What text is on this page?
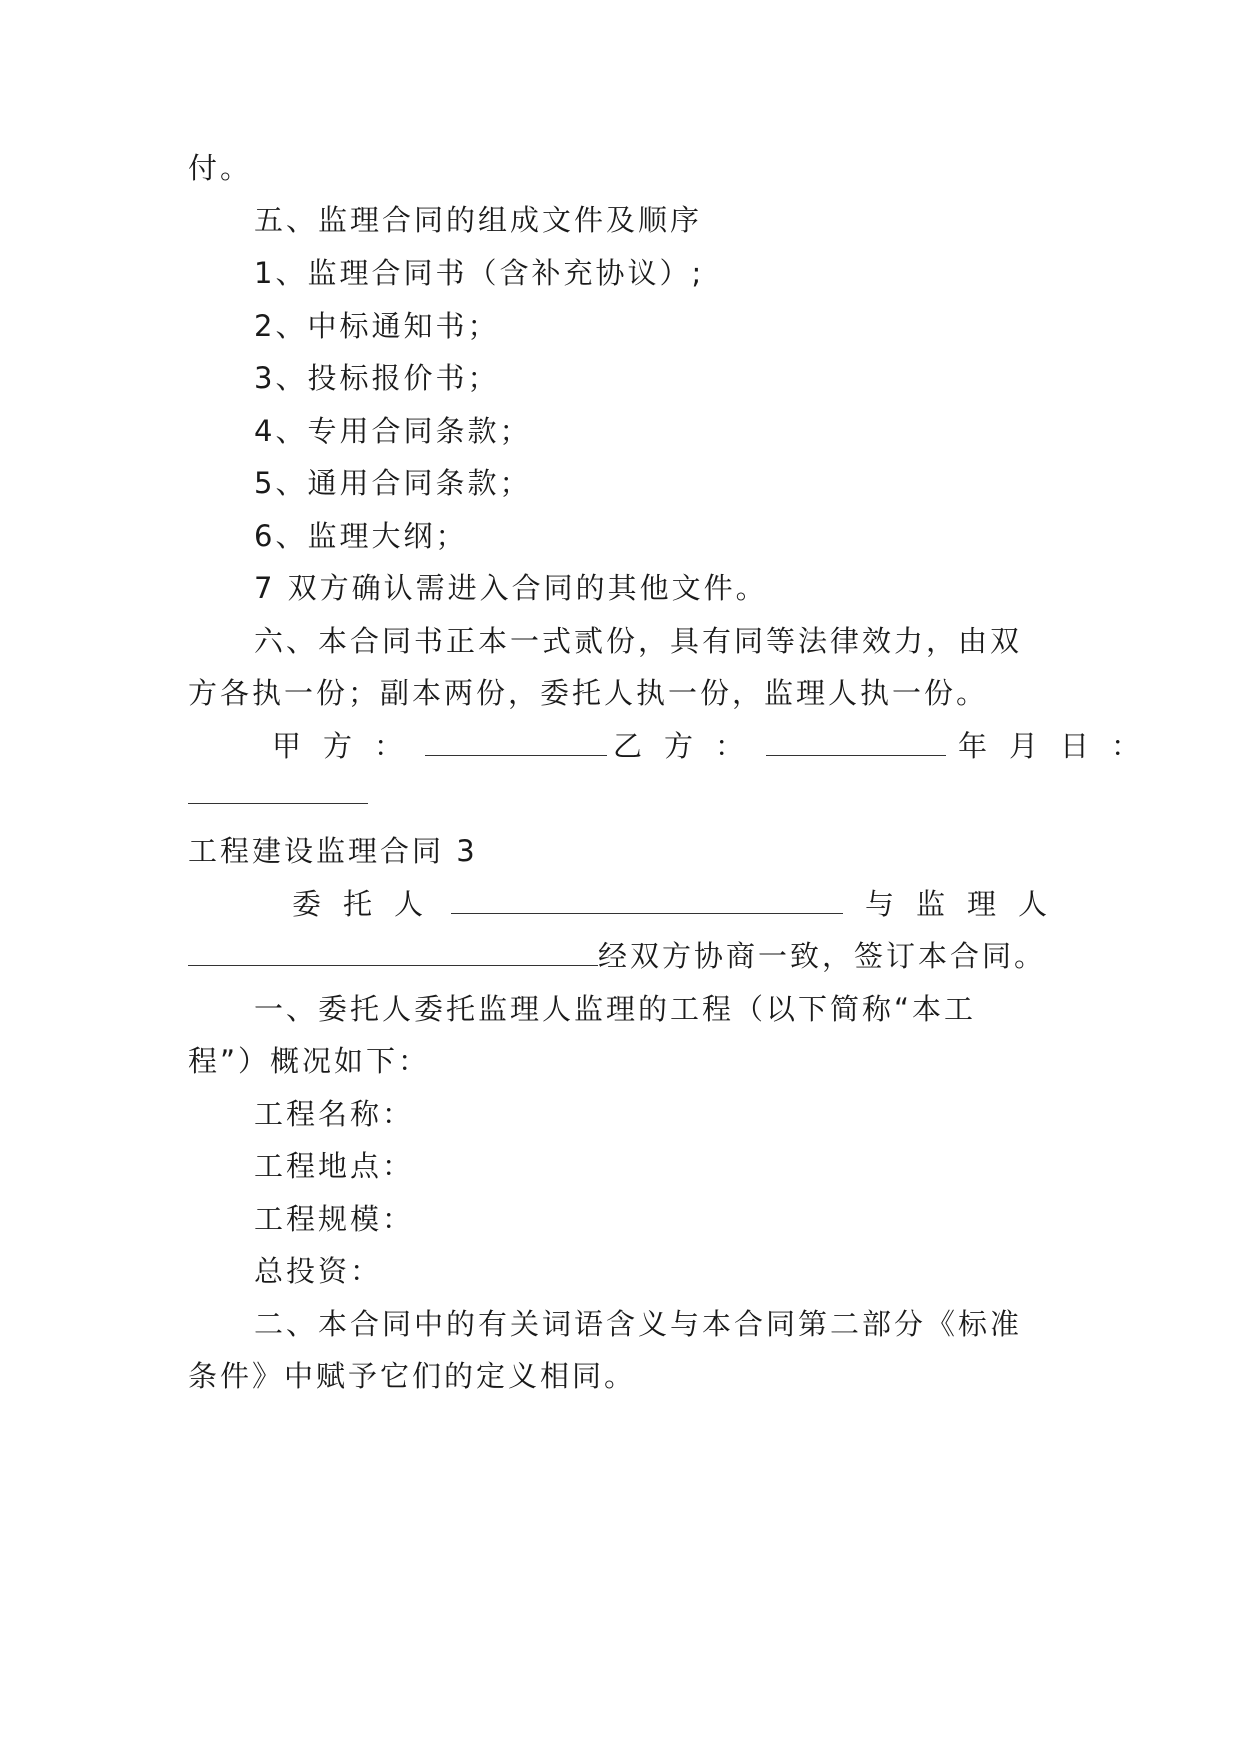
付。
五、监理合同的组成文件及顺序
1、监理合同书（含补充协议）;
2、中标通知书；
3、投标报价书；
4、专用合同条款；
5、通用合同条款；
6、监理大纲；
7 双方确认需进入合同的其他文件。
六、本合同书正本一式贰份，具有同等法律效力，由双
方各执一份；副本两份，委托人执一份，监理人执一份。
甲方：	乙方：	年月日：
工程建设监理合同 3
委托人	与监理人
经双方协商一致，签订本合同。
一、委托人委托监理人监理的工程（以下简称“本工
程”）概况如下：
工程名称：
工程地点：
工程规模：
总投资：
二、本合同中的有关词语含义与本合同第二部分《标准
条件》中赋予它们的定义相同。
